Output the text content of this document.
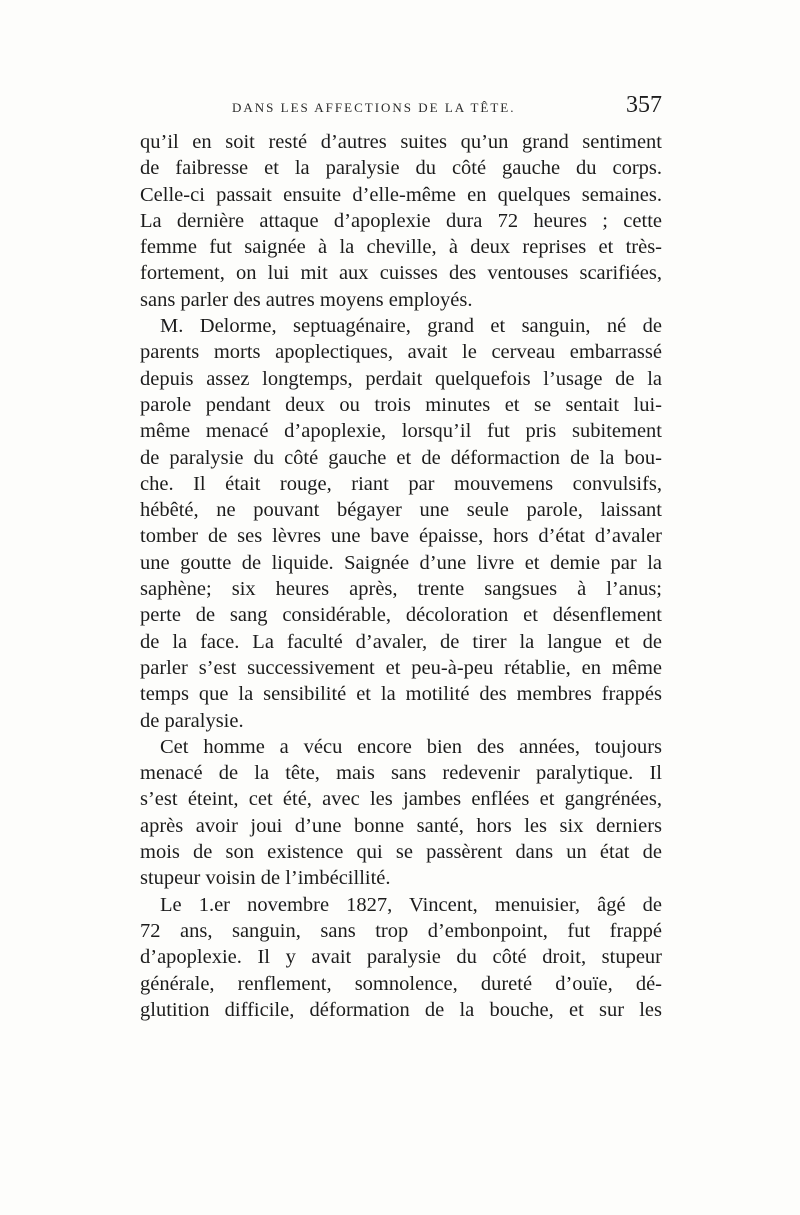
DANS LES AFFECTIONS DE LA TÊTE.	357
qu’il en soit resté d’autres suites qu’un grand sentiment
de faibresse et la paralysie du côté gauche du corps.
Celle-ci passait ensuite d’elle-même en quelques semaines.
La dernière attaque d’apoplexie dura 72 heures ; cette
femme fut saignée à la cheville, à deux reprises et très-
fortement, on lui mit aux cuisses des ventouses scarifiées,
sans parler des autres moyens employés.
M. Delorme, septuagénaire, grand et sanguin, né de
parents morts apoplectiques, avait le cerveau embarrassé
depuis assez longtemps, perdait quelquefois l’usage de la
parole pendant deux ou trois minutes et se sentait lui-
même menacé d’apoplexie, lorsqu’il fut pris subitement
de paralysie du côté gauche et de déformaction de la bou-
che. Il était rouge, riant par mouvemens convulsifs,
hébêté, ne pouvant bégayer une seule parole, laissant
tomber de ses lèvres une bave épaisse, hors d’état d’avaler
une goutte de liquide. Saignée d’une livre et demie par la
saphène; six heures après, trente sangsues à l’anus;
perte de sang considérable, décoloration et désenflement
de la face. La faculté d’avaler, de tirer la langue et de
parler s’est successivement et peu-à-peu rétablie, en même
temps que la sensibilité et la motilité des membres frappés
de paralysie.
Cet homme a vécu encore bien des années, toujours
menacé de la tête, mais sans redevenir paralytique. Il
s’est éteint, cet été, avec les jambes enflées et gangrénées,
après avoir joui d’une bonne santé, hors les six derniers
mois de son existence qui se passèrent dans un état de
stupeur voisin de l’imbécillité.
Le 1.er novembre 1827, Vincent, menuisier, âgé de
72 ans, sanguin, sans trop d’embonpoint, fut frappé
d’apoplexie. Il y avait paralysie du côté droit, stupeur
générale, renflement, somnolence, dureté d’ouïe, dé-
glutition difficile, déformation de la bouche, et sur les
